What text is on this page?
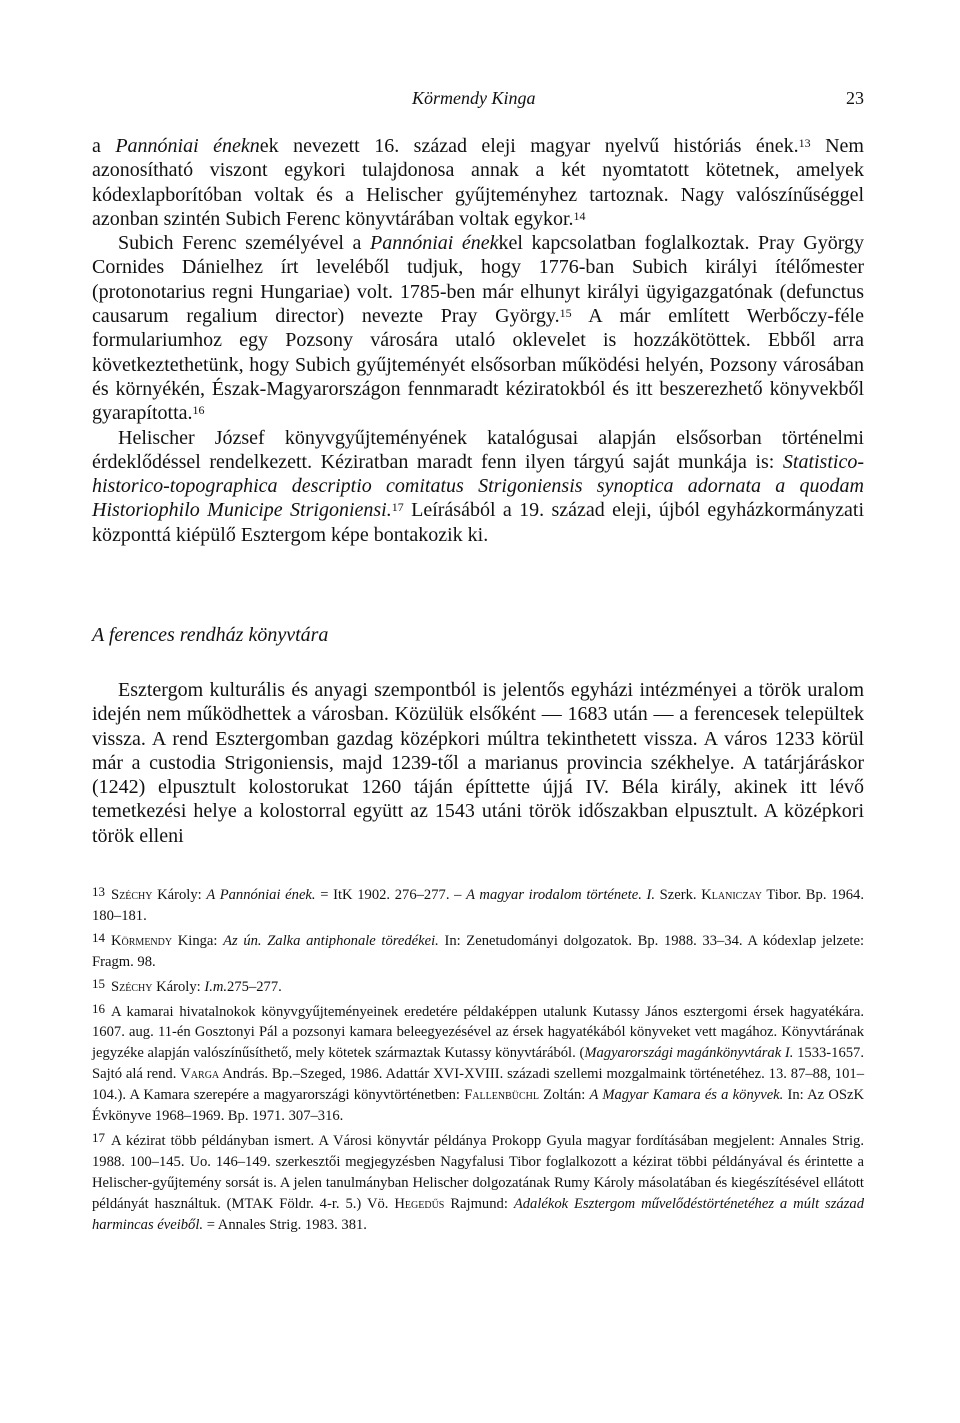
Körmendy Kinga	23

a Pannóniai éneknek nevezett 16. század eleji magyar nyelvű históriás ének.$^{13}$ Nem azonosítható viszont egykori tulajdonosa annak a két nyomtatott kötetnek, amelyek kódexlapborítóban voltak és a Helischer gyűjteményhez tartoznak. Nagy valószínűséggel azonban szintén Subich Ferenc könyvtárában voltak egykor.$^{14}$

Subich Ferenc személyével a Pannóniai énekkel kapcsolatban foglalkoztak. Pray György Cornides Dánielhez írt leveléből tudjuk, hogy 1776-ban Subich királyi ítélőmester (protonotarius regni Hungariae) volt. 1785-ben már elhunyt királyi ügyigazgatónak (defunctus causarum regalium director) nevezte Pray György.$^{15}$ A már említett Werbőczy-féle formulariumhoz egy Pozsony városára utaló oklevelet is hozzákötöttek. Ebből arra következtethetünk, hogy Subich gyűjteményét elsősorban működési helyén, Pozsony városában és környékén, Észak-Magyarországon fennmaradt kéziratokból és itt beszerezhető könyvekből gyarapította.$^{16}$

Helischer József könyvgyűjteményének katalógusai alapján elsősorban történelmi érdeklődéssel rendelkezett. Kéziratban maradt fenn ilyen tárgyú saját munkája is: Statistico-historico-topographica descriptio comitatus Strigoniensis synoptica adornata a quodam Historiophilo Municipe Strigoniensi.$^{17}$ Leírásából a 19. század eleji, újból egyházkormányzati központtá kiépülő Esztergom képe bontakozik ki.

A ferences rendház könyvtára

Esztergom kulturális és anyagi szempontból is jelentős egyházi intézményei a török uralom idején nem működhettek a városban. Közülük elsőként — 1683 után — a ferencesek települtek vissza. A rend Esztergomban gazdag középkori múltra tekinthetett vissza. A város 1233 körül már a custodia Strigoniensis, majd 1239-től a marianus provincia székhelye. A tatárjáráskor (1242) elpusztult kolostorukat 1260 táján építtette újjá IV. Béla király, akinek itt lévő temetkezési helye a kolostorral együtt az 1543 utáni török időszakban elpusztult. A középkori török elleni

13 Széchy Károly: A Pannóniai ének. = ItK 1902. 276–277. – A magyar irodalom története. I. Szerk. Klaniczay Tibor. Bp. 1964. 180–181.

14 Körmendy Kinga: Az ún. Zalka antiphonale töredékei. In: Zenetudományi dolgozatok. Bp. 1988. 33–34. A kódexlap jelzete: Fragm. 98.

15 Széchy Károly: I.m.275–277.

16 A kamarai hivatalnokok könyvgyűjteményeinek eredetére példaképpen utalunk Kutassy János esztergomi érsek hagyatékára. 1607. aug. 11-én Gosztonyi Pál a pozsonyi kamara beleegyezésével az érsek hagyatékából könyveket vett magához. Könyvtárának jegyzéke alapján valószínűsíthető, mely kötetek származtak Kutassy könyvtárából. (Magyarországi magánkönyvtárak I. 1533-1657. Sajtó alá rend. Varga András. Bp.–Szeged, 1986. Adattár XVI-XVIII. századi szellemi mozgalmaink történetéhez. 13. 87–88, 101–104.). A Kamara szerepére a magyarországi könyvtörténetben: Fallenbüchl Zoltán: A Magyar Kamara és a könyvek. In: Az OSzK Évkönyve 1968–1969. Bp. 1971. 307–316.

17 A kézirat több példányban ismert. A Városi könyvtár példánya Prokopp Gyula magyar fordításában megjelent: Annales Strig. 1988. 100–145. Uo. 146–149. szerkesztői megjegyzésben Nagyfalusi Tibor foglalkozott a kézirat többi példányával és érintette a Helischer-gyűjtemény sorsát is. A jelen tanulmányban Helischer dolgozatának Rumy Károly másolatában és kiegészítésével ellátott példányát használtuk. (MTAK Földr. 4-r. 5.) Vö. Hegedűs Rajmund: Adalékok Esztergom művelődéstörténetéhez a múlt század harmincas éveiből. = Annales Strig. 1983. 381.
